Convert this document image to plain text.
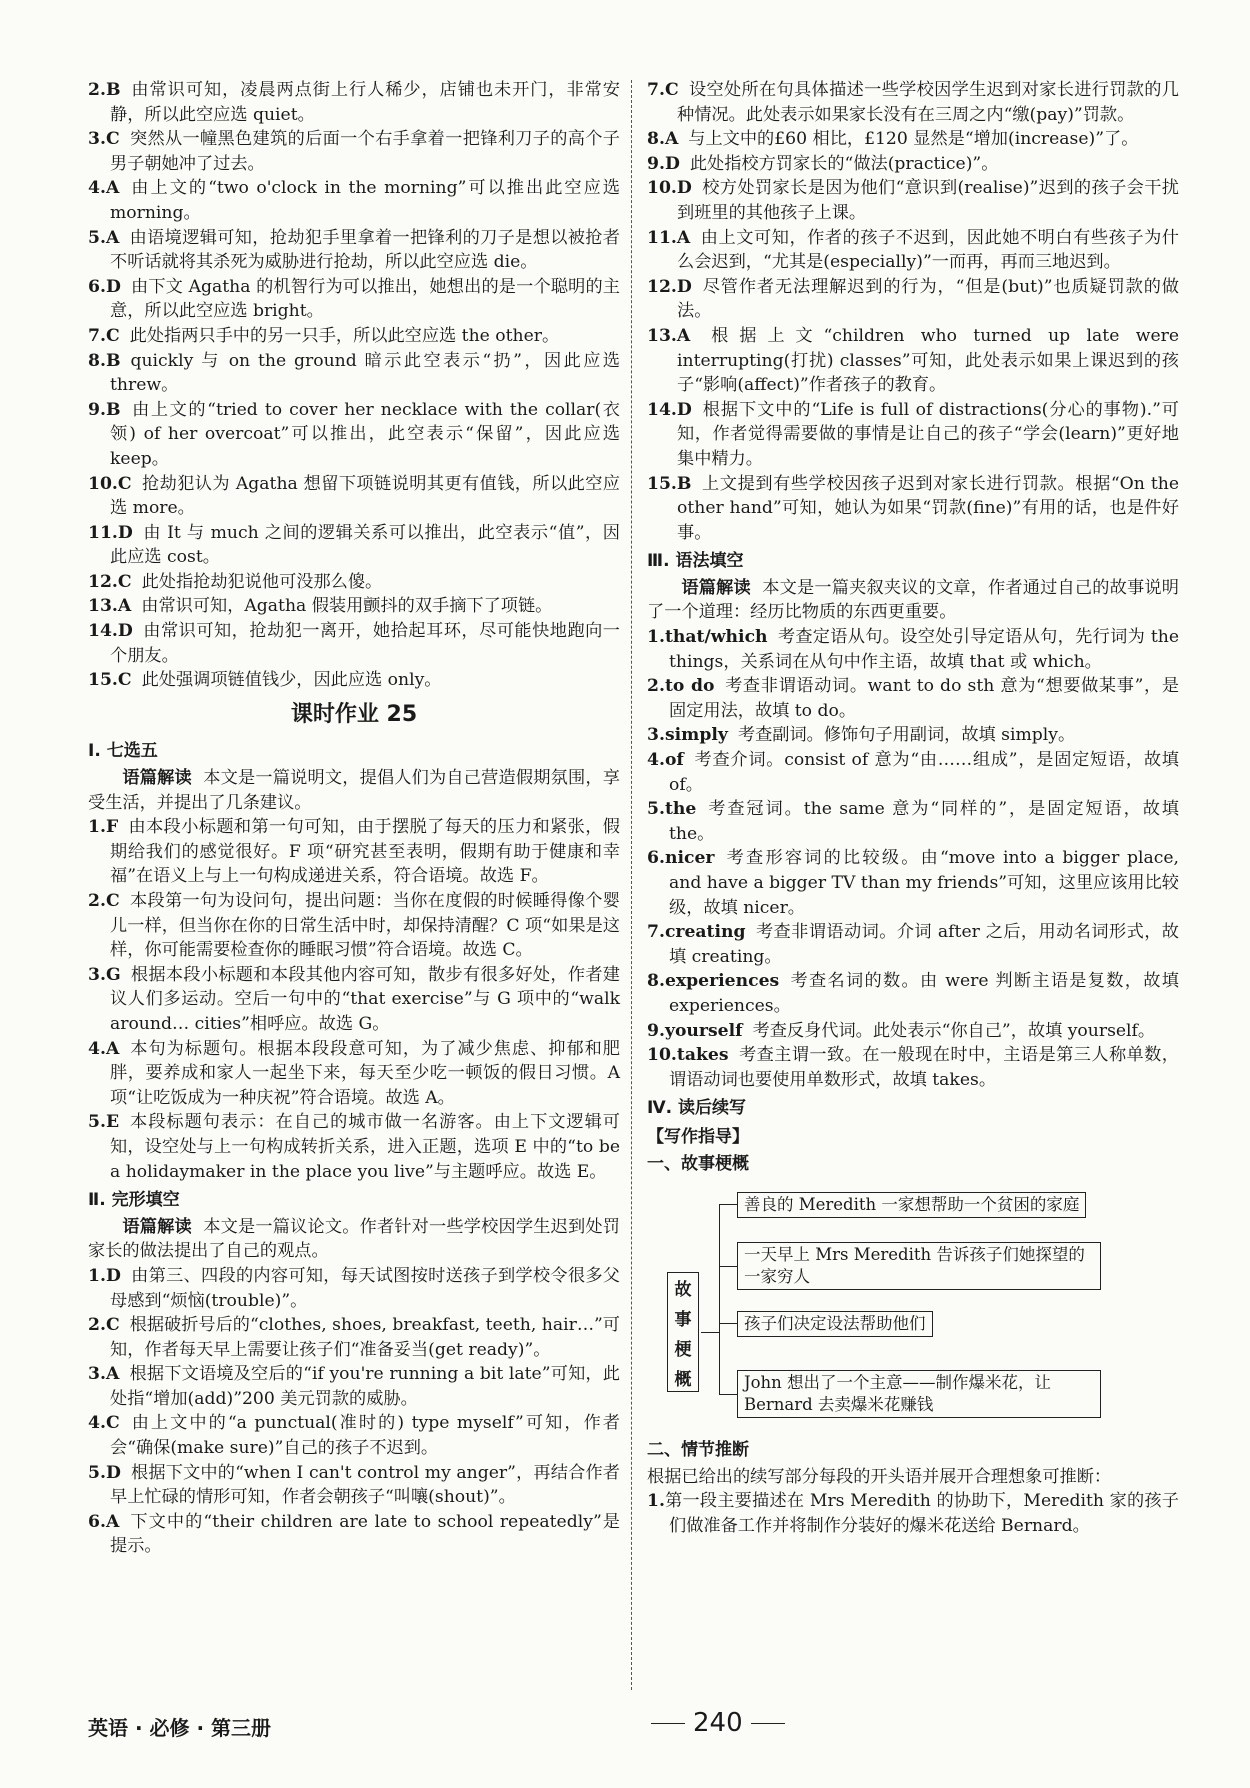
2.B 由常识可知，凌晨两点街上行人稀少，店铺也未开门，非常安静，所以此空应选 quiet。
3.C 突然从一幢黑色建筑的后面一个右手拿着一把锋利刀子的高个子男子朝她冲了过去。
4.A 由上文的“two o'clock in the morning”可以推出此空应选 morning。
5.A 由语境逻辑可知，抢劫犯手里拿着一把锋利的刀子是想以被抢者不听话就将其杀死为威胁进行抢劫，所以此空应选 die。
6.D 由下文 Agatha 的机智行为可以推出，她想出的是一个聪明的主意，所以此空应选 bright。
7.C 此处指两只手中的另一只手，所以此空应选 the other。
8.B quickly 与 on the ground 暗示此空表示“扔”，因此应选 threw。
9.B 由上文的“tried to cover her necklace with the collar(衣领) of her overcoat”可以推出，此空表示“保留”，因此应选 keep。
10.C 抢劫犯认为 Agatha 想留下项链说明其更有值钱，所以此空应选 more。
11.D 由 It 与 much 之间的逻辑关系可以推出，此空表示“值”，因此应选 cost。
12.C 此处指抢劫犯说他可没那么傻。
13.A 由常识可知，Agatha 假装用颤抖的双手摘下了项链。
14.D 由常识可知，抢劫犯一离开，她拾起耳环，尽可能快地跑向一个朋友。
15.C 此处强调项链值钱少，因此应选 only。
课时作业 25
Ⅰ. 七选五
语篇解读 本文是一篇说明文，提倡人们为自己营造假期氛围，享受生活，并提出了几条建议。
1.F 由本段小标题和第一句可知，由于摆脱了每天的压力和紧张，假期给我们的感觉很好。F 项“研究甚至表明，假期有助于健康和幸福”在语义上与上一句构成递进关系，符合语境。故选 F。
2.C 本段第一句为设问句，提出问题：当你在度假的时候睡得像个婴儿一样，但当你在你的日常生活中时，却保持清醒？C 项“如果是这样，你可能需要检查你的睡眠习惯”符合语境。故选 C。
3.G 根据本段小标题和本段其他内容可知，散步有很多好处，作者建议人们多运动。空后一句中的“that exercise”与 G 项中的“walk around… cities”相呼应。故选 G。
4.A 本句为标题句。根据本段段意可知，为了减少焦虑、抑郁和肥胖，要养成和家人一起坐下来，每天至少吃一顿饭的假日习惯。A 项“让吃饭成为一种庆祝”符合语境。故选 A。
5.E 本段标题句表示：在自己的城市做一名游客。由上下文逻辑可知，设空处与上一句构成转折关系，进入正题，选项 E 中的“to be a holidaymaker in the place you live”与主题呼应。故选 E。
Ⅱ. 完形填空
语篇解读 本文是一篇议论文。作者针对一些学校因学生迟到处罚家长的做法提出了自己的观点。
1.D 由第三、四段的内容可知，每天试图按时送孩子到学校令很多父母感到“烦恼(trouble)”。
2.C 根据破折号后的“clothes, shoes, breakfast, teeth, hair…”可知，作者每天早上需要让孩子们“准备妥当(get ready)”。
3.A 根据下文语境及空后的“if you're running a bit late”可知，此处指“增加(add)”200 美元罚款的威胁。
4.C 由上文中的“a punctual(准时的) type myself”可知，作者会“确保(make sure)”自己的孩子不迟到。
5.D 根据下文中的“when I can't control my anger”，再结合作者早上忙碌的情形可知，作者会朝孩子“叫嚷(shout)”。
6.A 下文中的“their children are late to school repeatedly”是提示。
7.C 设空处所在句具体描述一些学校因学生迟到对家长进行罚款的几种情况。此处表示如果家长没有在三周之内“缴(pay)”罚款。
8.A 与上文中的£60 相比，£120 显然是“增加(increase)”了。
9.D 此处指校方罚家长的“做法(practice)”。
10.D 校方处罚家长是因为他们“意识到(realise)”迟到的孩子会干扰到班里的其他孩子上课。
11.A 由上文可知，作者的孩子不迟到，因此她不明白有些孩子为什么会迟到，“尤其是(especially)”一而再，再而三地迟到。
12.D 尽管作者无法理解迟到的行为，“但是(but)”也质疑罚款的做法。
13.A 根据上文“children who turned up late were interrupting(打扰) classes”可知，此处表示如果上课迟到的孩子“影响(affect)”作者孩子的教育。
14.D 根据下文中的“Life is full of distractions(分心的事物).”可知，作者觉得需要做的事情是让自己的孩子“学会(learn)”更好地集中精力。
15.B 上文提到有些学校因孩子迟到对家长进行罚款。根据“On the other hand”可知，她认为如果“罚款(fine)”有用的话，也是件好事。
Ⅲ. 语法填空
语篇解读 本文是一篇夹叙夹议的文章，作者通过自己的故事说明了一个道理：经历比物质的东西更重要。
1.that/which 考查定语从句。设空处引导定语从句，先行词为 the things，关系词在从句中作主语，故填 that 或 which。
2.to do 考查非谓语动词。want to do sth 意为“想要做某事”，是固定用法，故填 to do。
3.simply 考查副词。修饰句子用副词，故填 simply。
4.of 考查介词。consist of 意为“由……组成”，是固定短语，故填 of。
5.the 考查冠词。the same 意为“同样的”，是固定短语，故填 the。
6.nicer 考查形容词的比较级。由“move into a bigger place, and have a bigger TV than my friends”可知，这里应该用比较级，故填 nicer。
7.creating 考查非谓语动词。介词 after 之后，用动名词形式，故填 creating。
8.experiences 考查名词的数。由 were 判断主语是复数，故填 experiences。
9.yourself 考查反身代词。此处表示“你自己”，故填 yourself。
10.takes 考查主谓一致。在一般现在时中，主语是第三人称单数，谓语动词也要使用单数形式，故填 takes。
Ⅳ. 读后续写
【写作指导】
一、故事梗概
故
事
梗
概
善良的 Meredith 一家想帮助一个贫困的家庭
一天早上 Mrs Meredith 告诉孩子们她探望的一家穷人
孩子们决定设法帮助他们
John 想出了一个主意——制作爆米花，让 Bernard 去卖爆米花赚钱
二、情节推断
根据已给出的续写部分每段的开头语并展开合理想象可推断：
1.第一段主要描述在 Mrs Meredith 的协助下，Meredith 家的孩子们做准备工作并将制作分装好的爆米花送给 Bernard。
英语 · 必修 · 第三册	240
